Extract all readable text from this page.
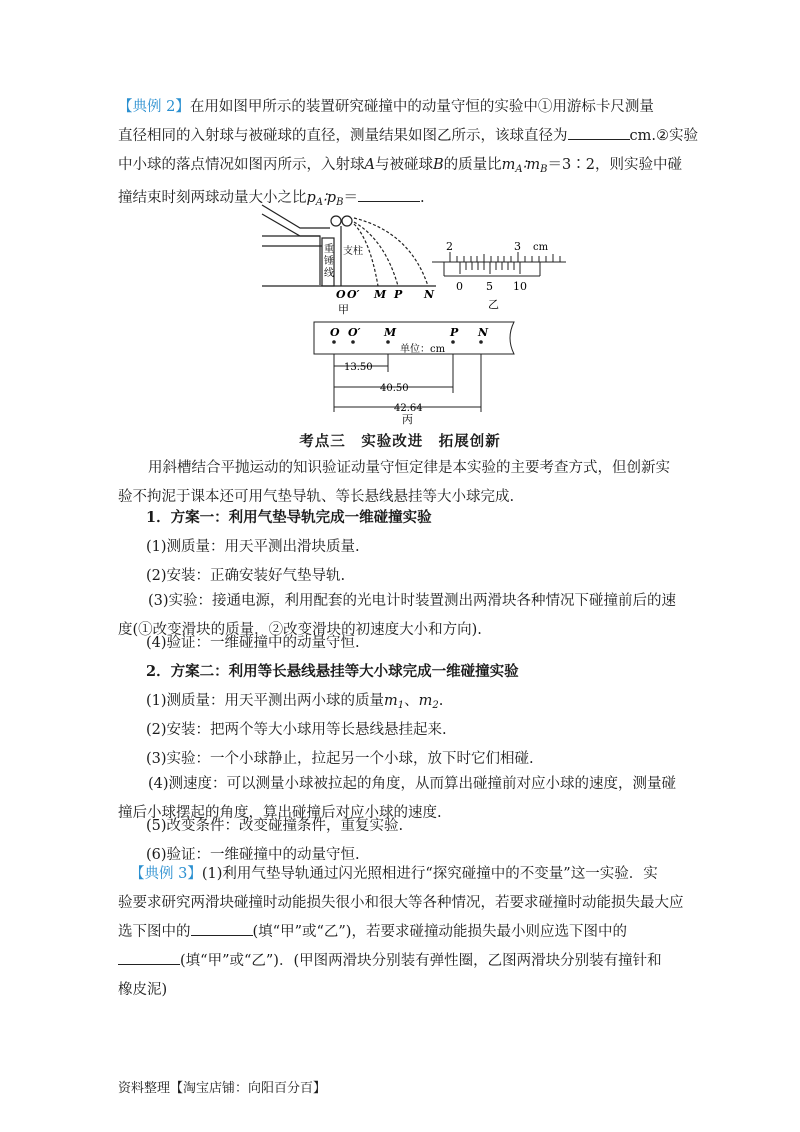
【典例 2】在用如图甲所示的装置研究碰撞中的动量守恒的实验中①用游标卡尺测量
直径相同的入射球与被碰球的直径，测量结果如图乙所示，该球直径为	cm.②实验
中小球的落点情况如图丙所示，入射球A与被碰球B的质量比$m_A∶m_B=3∶2$，则实验中碰
撞结束时刻两球动量大小之比$p_A∶p_B=$	.
支柱
重
锤
线
O O′ M P N
甲
2	3 cm
0 5 10
乙
O O′ M	P N
单位：cm
13.50
40.50
42.64
丙
考点三　实验改进　拓展创新
用斜槽结合平抛运动的知识验证动量守恒定律是本实验的主要考查方式，但创新实验不拘泥于课本还可用气垫导轨、等长悬线悬挂等大小球完成.
1．方案一：利用气垫导轨完成一维碰撞实验
(1)测质量：用天平测出滑块质量.
(2)安装：正确安装好气垫导轨.
(3)实验：接通电源，利用配套的光电计时装置测出两滑块各种情况下碰撞前后的速度(①改变滑块的质量．②改变滑块的初速度大小和方向).
(4)验证：一维碰撞中的动量守恒.
2．方案二：利用等长悬线悬挂等大小球完成一维碰撞实验
(1)测质量：用天平测出两小球的质量$m_1$、$m_2$.
(2)安装：把两个等大小球用等长悬线悬挂起来.
(3)实验：一个小球静止，拉起另一个小球，放下时它们相碰.
(4)测速度：可以测量小球被拉起的角度，从而算出碰撞前对应小球的速度，测量碰撞后小球摆起的角度，算出碰撞后对应小球的速度.
(5)改变条件：改变碰撞条件，重复实验.
(6)验证：一维碰撞中的动量守恒.
【典例 3】(1)利用气垫导轨通过闪光照相进行“探究碰撞中的不变量”这一实验．实
验要求研究两滑块碰撞时动能损失很小和很大等各种情况，若要求碰撞时动能损失最大应
选下图中的	(填“甲”或“乙”)，若要求碰撞动能损失最小则应选下图中的
(填“甲”或“乙”)．(甲图两滑块分别装有弹性圈，乙图两滑块分别装有撞针和
橡皮泥)
资料整理【淘宝店铺：向阳百分百】
